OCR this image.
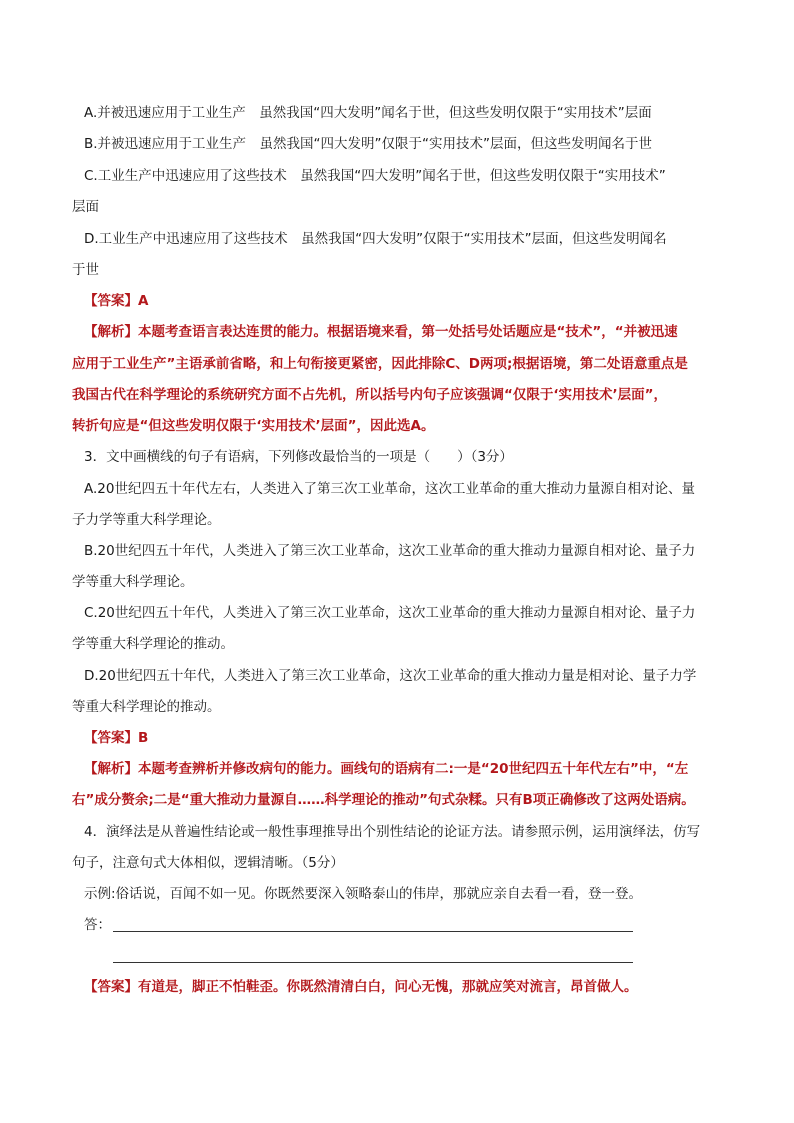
A.并被迅速应用于工业生产　虽然我国“四大发明”闻名于世，但这些发明仅限于“实用技术”层面
B.并被迅速应用于工业生产　虽然我国“四大发明”仅限于“实用技术”层面，但这些发明闻名于世
C.工业生产中迅速应用了这些技术　虽然我国“四大发明”闻名于世，但这些发明仅限于“实用技术”
层面
D.工业生产中迅速应用了这些技术　虽然我国“四大发明”仅限于“实用技术”层面，但这些发明闻名
于世
【答案】A
【解析】本题考查语言表达连贯的能力。根据语境来看，第一处括号处话题应是“技术”，“并被迅速
应用于工业生产”主语承前省略，和上句衔接更紧密，因此排除C、D两项;根据语境，第二处语意重点是
我国古代在科学理论的系统研究方面不占先机，所以括号内句子应该强调“仅限于‘实用技术’层面”，
转折句应是“但这些发明仅限于‘实用技术’层面”，因此选A。
3．文中画横线的句子有语病，下列修改最恰当的一项是（　　）（3分）
A.20世纪四五十年代左右，人类进入了第三次工业革命，这次工业革命的重大推动力量源自相对论、量
子力学等重大科学理论。
B.20世纪四五十年代，人类进入了第三次工业革命，这次工业革命的重大推动力量源自相对论、量子力
学等重大科学理论。
C.20世纪四五十年代，人类进入了第三次工业革命，这次工业革命的重大推动力量源自相对论、量子力
学等重大科学理论的推动。
D.20世纪四五十年代，人类进入了第三次工业革命，这次工业革命的重大推动力量是相对论、量子力学
等重大科学理论的推动。
【答案】B
【解析】本题考查辨析并修改病句的能力。画线句的语病有二:一是“20世纪四五十年代左右”中，“左
右”成分赘余;二是“重大推动力量源自……科学理论的推动”句式杂糅。只有B项正确修改了这两处语病。
4．演绎法是从普遍性结论或一般性事理推导出个别性结论的论证方法。请参照示例，运用演绎法，仿写
句子，注意句式大体相似，逻辑清晰。（5分）
示例:俗话说，百闻不如一见。你既然要深入领略泰山的伟岸，那就应亲自去看一看，登一登。
答：
【答案】有道是，脚正不怕鞋歪。你既然清清白白，问心无愧，那就应笑对流言，昂首做人。
